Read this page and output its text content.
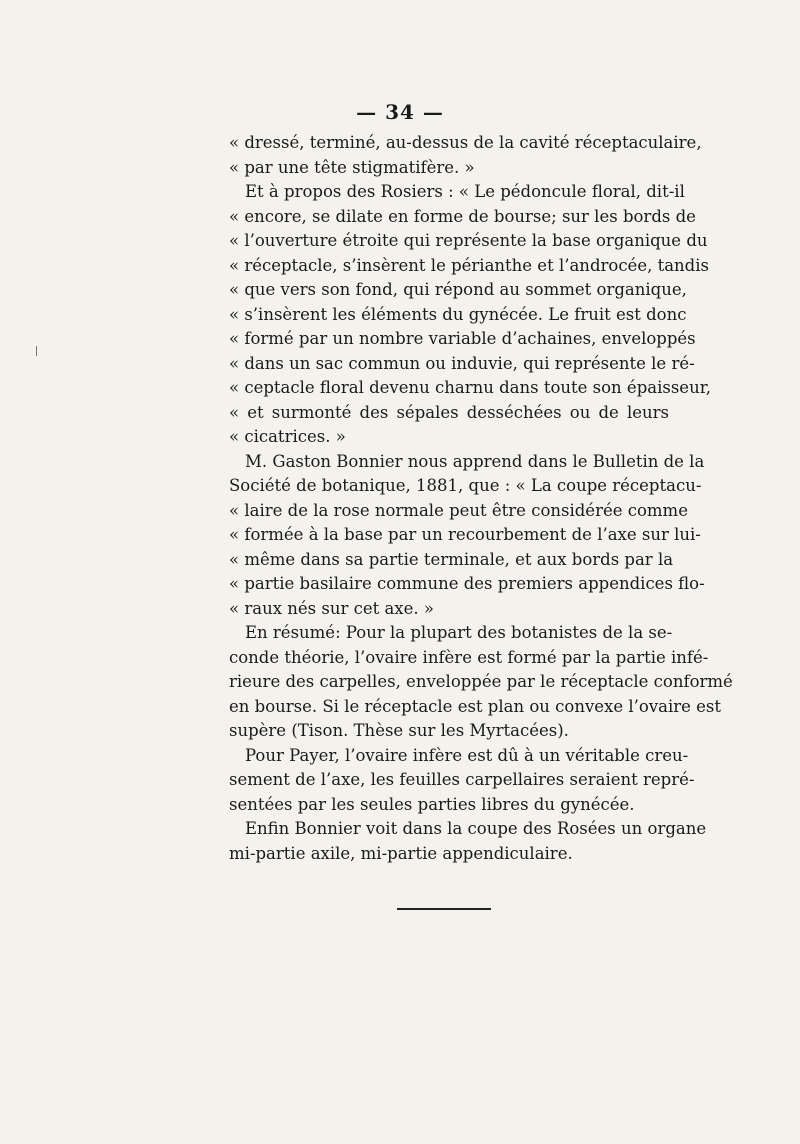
— 34 —
« dressé, terminé, au-dessus de la cavité réceptaculaire,
« par une tête stigmatifère. »
Et à propos des Rosiers : « Le pédoncule floral, dit-il
« encore, se dilate en forme de bourse; sur les bords de
« l’ouverture étroite qui représente la base organique du
« réceptacle, s’insèrent le périanthe et l’androcée, tandis
« que vers son fond, qui répond au sommet organique,
« s’insèrent les éléments du gynécée. Le fruit est donc
« formé par un nombre variable d’achaines, enveloppés
« dans un sac commun ou induvie, qui représente le ré-
« ceptacle floral devenu charnu dans toute son épaisseur,
« et surmonté des sépales desséchées ou de leurs
« cicatrices. »
M. Gaston Bonnier nous apprend dans le Bulletin de la
Société de botanique, 1881, que : « La coupe réceptacu-
« laire de la rose normale peut être considérée comme
« formée à la base par un recourbement de l’axe sur lui-
« même dans sa partie terminale, et aux bords par la
« partie basilaire commune des premiers appendices flo-
« raux nés sur cet axe. »
En résumé: Pour la plupart des botanistes de la se-
conde théorie, l’ovaire infère est formé par la partie infé-
rieure des carpelles, enveloppée par le réceptacle conformé
en bourse. Si le réceptacle est plan ou convexe l’ovaire est
supère (Tison. Thèse sur les Myrtacées).
Pour Payer, l’ovaire infère est dû à un véritable creu-
sement de l’axe, les feuilles carpellaires seraient repré-
sentées par les seules parties libres du gynécée.
Enfin Bonnier voit dans la coupe des Rosées un organe
mi-partie axile, mi-partie appendiculaire.
